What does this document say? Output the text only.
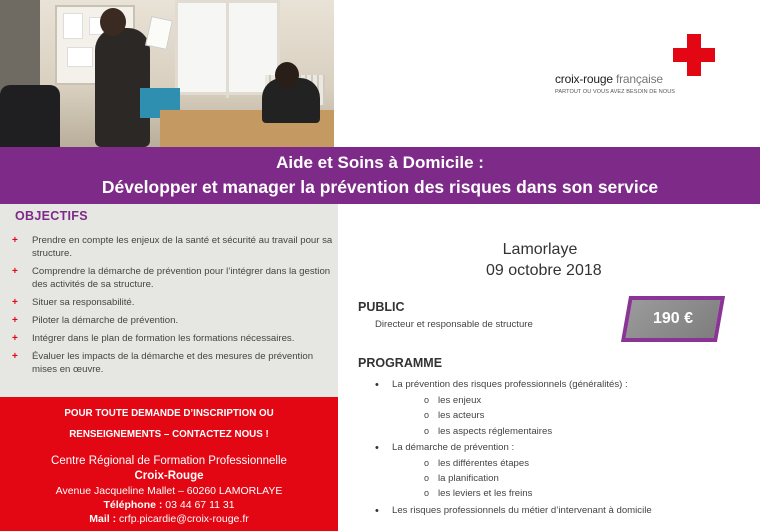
croix-rouge française
PARTOUT OU VOUS AVEZ BESOIN DE NOUS
Aide et Soins à Domicile :
Développer et manager la prévention des risques dans son service
OBJECTIFS
+ Prendre en compte les enjeux de la santé et sécurité au travail pour sa structure.
+ Comprendre la démarche de prévention pour l’intégrer dans la gestion des activités de sa structure.
+ Situer sa responsabilité.
+ Piloter la démarche de prévention.
+ Intégrer dans le plan de formation les formations nécessaires.
+ Évaluer les impacts de la démarche et des mesures de prévention mises en œuvre.
POUR TOUTE DEMANDE D’INSCRIPTION OU
RENSEIGNEMENTS – CONTACTEZ NOUS !
Centre Régional de Formation Professionnelle
Croix-Rouge
Avenue Jacqueline Mallet – 60260 LAMORLAYE
Téléphone : 03 44 67 11 31
Mail : crfp.picardie@croix-rouge.fr
Lamorlaye
09 octobre 2018
190 €
PUBLIC
Directeur et responsable de structure
PROGRAMME
• La prévention des risques professionnels (généralités) :
o les enjeux
o les acteurs
o les aspects réglementaires
• La démarche de prévention :
o les différentes étapes
o la planification
o les leviers et les freins
• Les risques professionnels du métier d’intervenant à domicile
